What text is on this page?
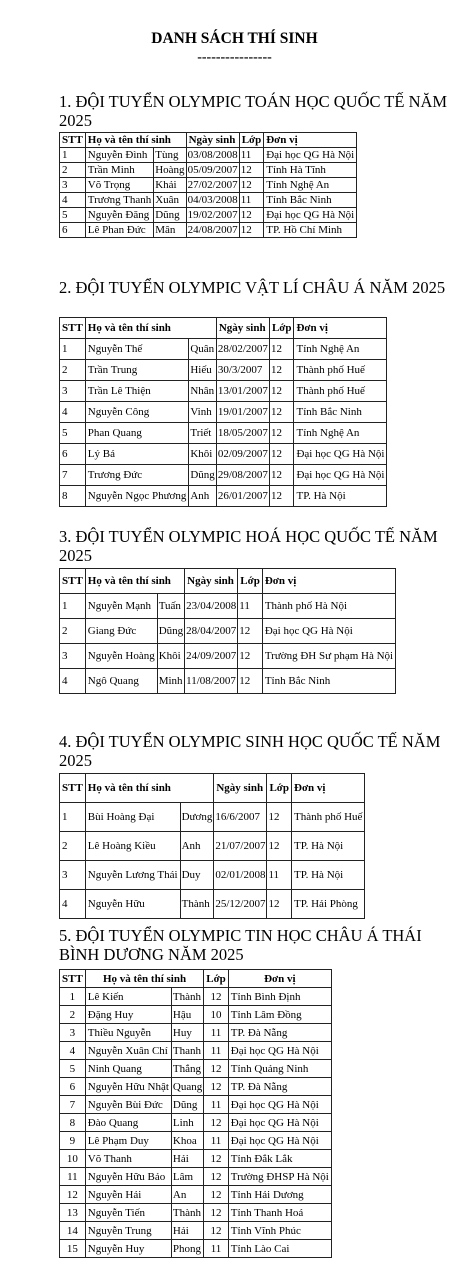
DANH SÁCH THÍ SINH
----------------
1. ĐỘI TUYỂN OLYMPIC TOÁN HỌC QUỐC TẾ NĂM 2025
STT	Họ và tên thí sinh		Ngày sinh	Lớp	Đơn vị
1	Nguyễn Đình	Tùng	03/08/2008	11	Đại học QG Hà Nội
2	Trần Minh	Hoàng	05/09/2007	12	Tỉnh Hà Tĩnh
3	Võ Trọng	Khải	27/02/2007	12	Tỉnh Nghệ An
4	Trương Thanh	Xuân	04/03/2008	11	Tỉnh Bắc Ninh
5	Nguyễn Đăng	Dũng	19/02/2007	12	Đại học QG Hà Nội
6	Lê Phan Đức	Mân	24/08/2007	12	TP. Hồ Chí Minh
2. ĐỘI TUYỂN OLYMPIC VẬT LÍ CHÂU Á NĂM 2025
STT	Họ và tên thí sinh		Ngày sinh	Lớp	Đơn vị
1	Nguyễn Thế	Quân	28/02/2007	12	Tỉnh Nghệ An
2	Trần Trung	Hiếu	30/3/2007	12	Thành phố Huế
3	Trần Lê Thiện	Nhân	13/01/2007	12	Thành phố Huế
4	Nguyễn Công	Vinh	19/01/2007	12	Tỉnh Bắc Ninh
5	Phan Quang	Triết	18/05/2007	12	Tỉnh Nghệ An
6	Lý Bá	Khôi	02/09/2007	12	Đại học QG Hà Nội
7	Trương Đức	Dũng	29/08/2007	12	Đại học QG Hà Nội
8	Nguyễn Ngọc Phương	Anh	26/01/2007	12	TP. Hà Nội
3. ĐỘI TUYỂN OLYMPIC HOÁ HỌC QUỐC TẾ NĂM 2025
STT	Họ và tên thí sinh		Ngày sinh	Lớp	Đơn vị
1	Nguyễn Mạnh	Tuấn	23/04/2008	11	Thành phố Hà Nội
2	Giang Đức	Dũng	28/04/2007	12	Đại học QG Hà Nội
3	Nguyễn Hoàng	Khôi	24/09/2007	12	Trường ĐH Sư phạm Hà Nội
4	Ngô Quang	Minh	11/08/2007	12	Tỉnh Bắc Ninh
4. ĐỘI TUYỂN OLYMPIC SINH HỌC QUỐC TẾ NĂM 2025
STT	Họ và tên thí sinh		Ngày sinh	Lớp	Đơn vị
1	Bùi Hoàng Đại	Dương	16/6/2007	12	Thành phố Huế
2	Lê Hoàng Kiều	Anh	21/07/2007	12	TP. Hà Nội
3	Nguyễn Lương Thái	Duy	02/01/2008	11	TP. Hà Nội
4	Nguyễn Hữu	Thành	25/12/2007	12	TP. Hải Phòng
5. ĐỘI TUYỂN OLYMPIC TIN HỌC CHÂU Á THÁI BÌNH DƯƠNG NĂM 2025
STT	Họ và tên thí sinh		Lớp	Đơn vị
1	Lê Kiến	Thành	12	Tỉnh Bình Định
2	Đặng Huy	Hậu	10	Tỉnh Lâm Đồng
3	Thiều Nguyễn	Huy	11	TP. Đà Nẵng
4	Nguyễn Xuân Chí	Thanh	11	Đại học QG Hà Nội
5	Ninh Quang	Thắng	12	Tỉnh Quảng Ninh
6	Nguyễn Hữu Nhật	Quang	12	TP. Đà Nẵng
7	Nguyễn Bùi Đức	Dũng	11	Đại học QG Hà Nội
8	Đào Quang	Linh	12	Đại học QG Hà Nội
9	Lê Phạm Duy	Khoa	11	Đại học QG Hà Nội
10	Võ Thanh	Hải	12	Tỉnh Đắk Lắk
11	Nguyễn Hữu Bảo	Lâm	12	Trường ĐHSP Hà Nội
12	Nguyễn Hải	An	12	Tỉnh Hải Dương
13	Nguyễn Tiến	Thành	12	Tỉnh Thanh Hoá
14	Nguyễn Trung	Hải	12	Tỉnh Vĩnh Phúc
15	Nguyễn Huy	Phong	11	Tỉnh Lào Cai
